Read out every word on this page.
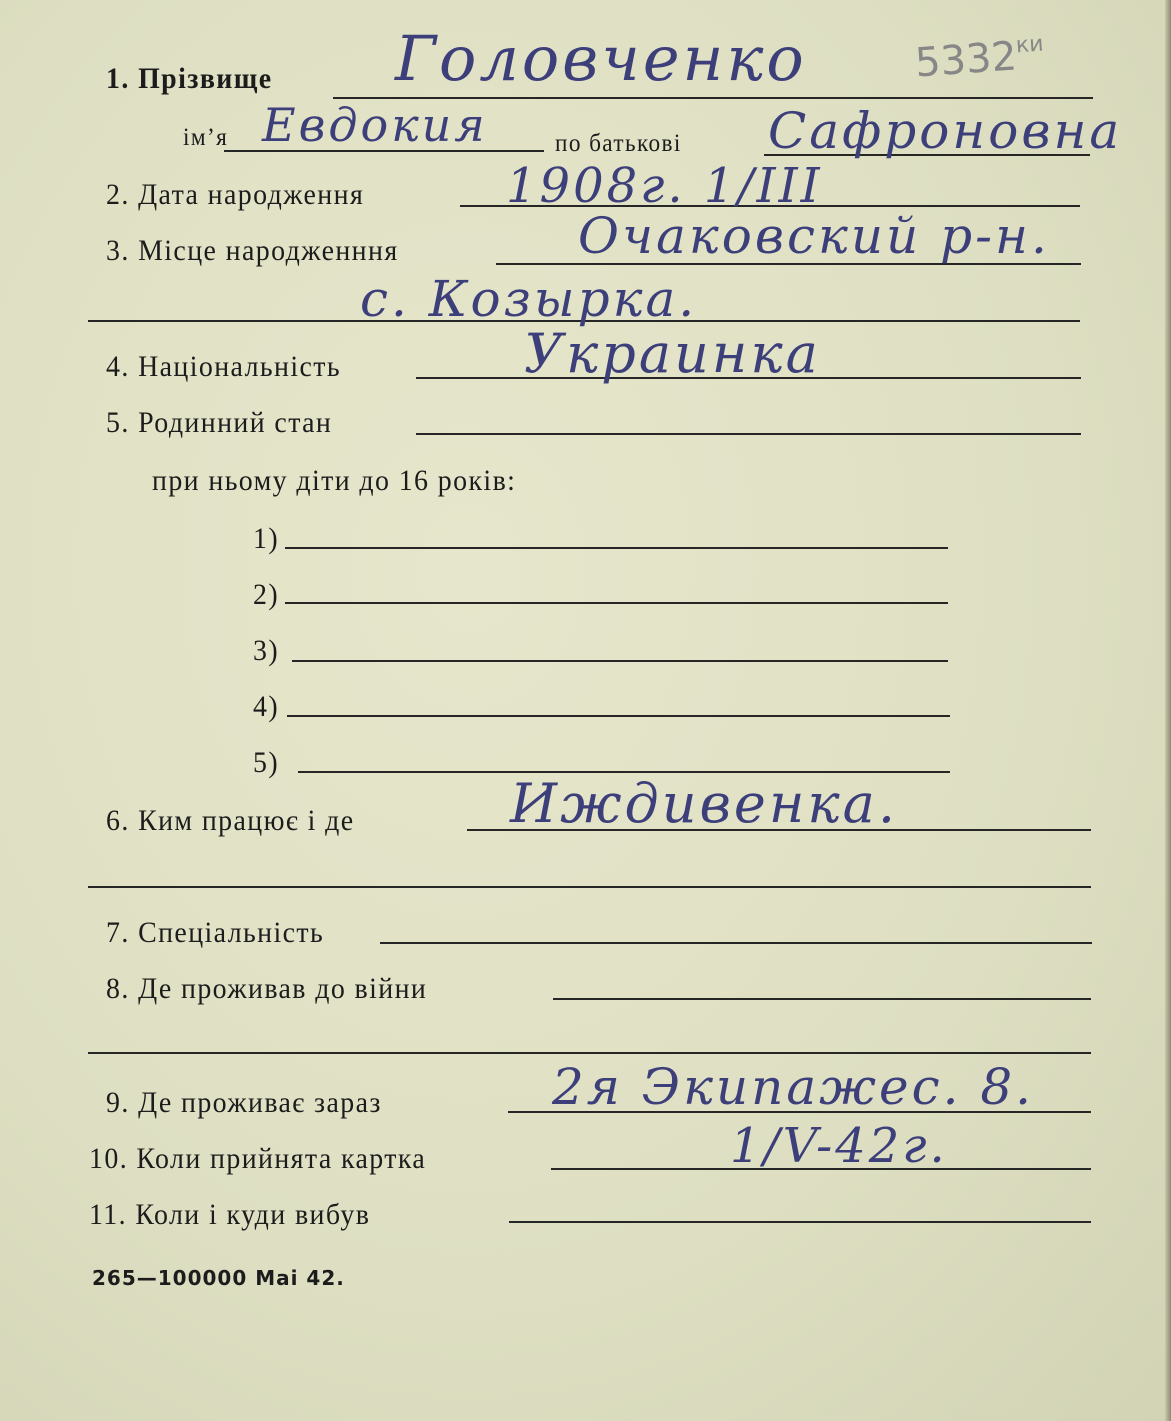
$5332^{ки}$
1. Прізвище Головченко
ім’я Евдокия	по батькові Сафроновна
2. Дата народження	1908г. 1/III
3. Місце народженння	Очаковский р-н.
с. Козырка.
4. Національність	Украинка
5. Родинний стан
при ньому діти до 16 років:
1)
2)
3)
4)
5)
6. Ким працює і де	Иждивенка.
7. Спеціальність
8. Де проживав до війни
9. Де проживає зараз	2я Экипажес. 8.
10. Коли прийнята картка	1/V-42г.
11. Коли і куди вибув
265—100000 Mai 42.
